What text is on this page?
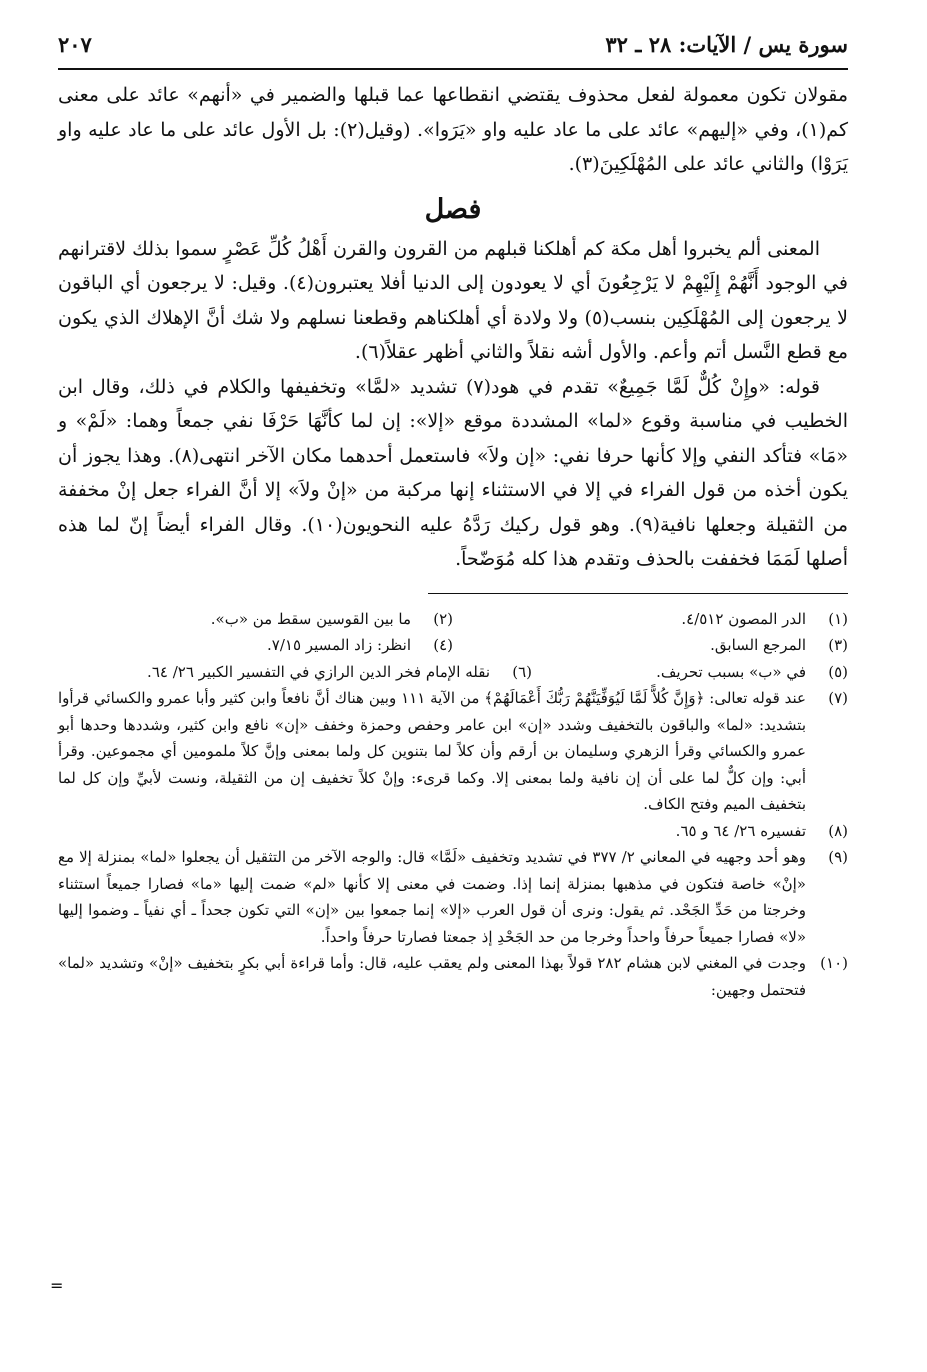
سورة يس / الآيات: ٢٨ ـ ٣٢
٢٠٧

مقولان تكون معمولة لفعل محذوف يقتضي انقطاعها عما قبلها والضمير في «أنهم» عائد على معنى كم(١)، وفي «إليهم» عائد على ما عاد عليه واو «يَرَوا». (وقيل(٢): بل الأول عائد على ما عاد عليه واو يَرَوْا) والثاني عائد على المُهْلَكِينَ(٣).

فصل

المعنى ألم يخبروا أهل مكة كم أهلكنا قبلهم من القرون والقرن أَهْلُ كُلِّ عَصْرٍ سموا بذلك لاقترانهم في الوجود أَنَّهُمْ إِلَيْهِمْ لا يَرْجِعُونَ أي لا يعودون إلى الدنيا أفلا يعتبرون(٤). وقيل: لا يرجعون أي الباقون لا يرجعون إلى المُهْلَكِين بنسب(٥) ولا ولادة أي أهلكناهم وقطعنا نسلهم ولا شك أنَّ الإهلاك الذي يكون مع قطع النَّسل أتم وأعم. والأول أشه نقلاً والثاني أظهر عقلاً(٦).

قوله: «وإِنْ كُلٌّ لَمَّا جَمِيعٌ» تقدم في هود(٧) تشديد «لمَّا» وتخفيفها والكلام في ذلك، وقال ابن الخطيب في مناسبة وقوع «لما» المشددة موقع «إلا»: إن لما كأنَّهَا حَرْفَا نفي جمعاً وهما: «لَمْ» و «مَا» فتأكد النفي وإلا كأنها حرفا نفي: «إن ولاَ» فاستعمل أحدهما مكان الآخر انتهى(٨). وهذا يجوز أن يكون أخذه من قول الفراء في إلا في الاستثناء إنها مركبة من «إنْ ولاَ» إلا أنَّ الفراء جعل إنْ مخففة من الثقيلة وجعلها نافية(٩). وهو قول ركيك رَدَّهُ عليه النحويون(١٠). وقال الفراء أيضاً إنّ لما هذه أصلها لَمَمَا فخففت بالحذف وتقدم هذا كله مُوَضّحاً.

(١)
الدر المصون ٤/٥١٢.
(٢)
ما بين القوسين سقط من «ب».
(٣)
المرجع السابق.
(٤)
انظر: زاد المسير ٧/١٥.
(٥)
في «ب» بسبب تحريف.
(٦)
نقله الإمام فخر الدين الرازي في التفسير الكبير ٢٦/ ٦٤.
(٧)
عند قوله تعالى: ﴿وَإِنَّ كُلاًّ لَمَّا لَيُوَفِّيَنَّهُمْ رَبُّكَ أَعْمَالَهُمْ﴾ من الآية ١١١ وبين هناك أنَّ نافعاً وابن كثير وأبا عمرو والكسائي قرأوا بتشديد: «لما» والباقون بالتخفيف وشدد «إن» ابن عامر وحفص وحمزة وخفف «إن» نافع وابن كثير، وشددها وحدها أبو عمرو والكسائي وقرأ الزهري وسليمان بن أرقم وأن كلاً لما بتنوين كل ولما بمعنى وإنَّ كلاً ملمومين أي مجموعين. وقرأ أبي: وإن كلٌّ لما على أن إن نافية ولما بمعنى إلا. وكما قرىء: وإنْ كلاً تخفيف إن من الثقيلة، ونست لأبيِّ وإن كل لما بتخفيف الميم وفتح الكاف.
(٨)
تفسيره ٢٦/ ٦٤ و ٦٥.
(٩)
وهو أحد وجهيه في المعاني ٢/ ٣٧٧ في تشديد وتخفيف «لَمَّا» قال: والوجه الآخر من التثقيل أن يجعلوا «لما» بمنزلة إلا مع «إنْ» خاصة فتكون في مذهبها بمنزلة إنما إذا. وضمت في معنى إلا كأنها «لم» ضمت إليها «ما» فصارا جميعاً استثناء وخرجتا من حَدِّ الجَحْد. ثم يقول: ونرى أن قول العرب «إلا» إنما جمعوا بين «إن» التي تكون جحداً ـ أي نفياً ـ وضموا إليها «لا» فصارا جميعاً حرفاً واحداً وخرجا من حد الجَحْدِ إذ جمعتا فصارتا حرفاً واحداً.
(١٠)
وجدت في المغني لابن هشام ٢٨٢ قولاً بهذا المعنى ولم يعقب عليه، قال: وأما قراءة أبي بكرٍ بتخفيف «إنْ» وتشديد «لما» فتحتمل وجهين:
=
